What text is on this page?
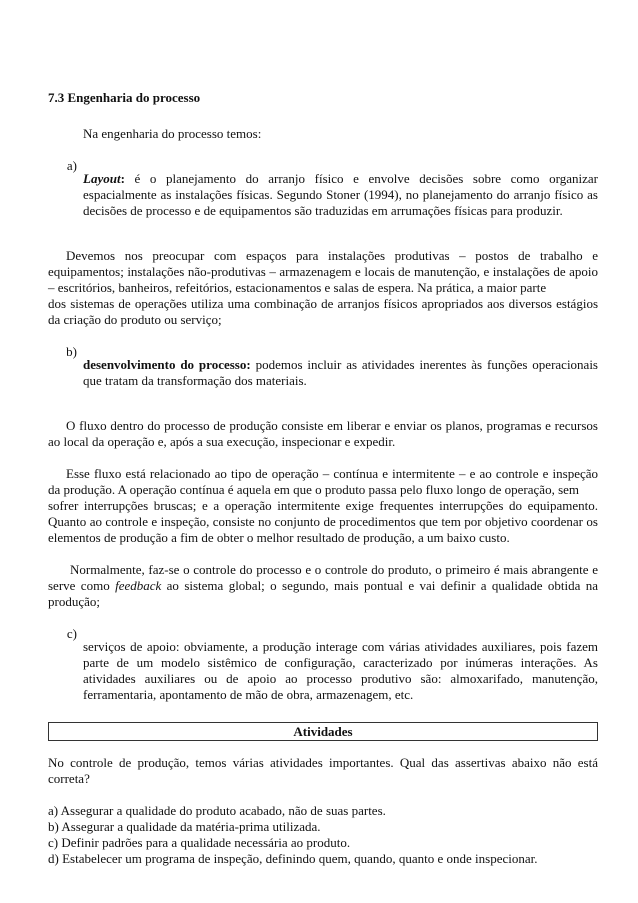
7.3 Engenharia do processo

Na engenharia do processo temos:

a)

Layout: é o planejamento do arranjo físico e envolve decisões sobre como organizar espacialmente as instalações físicas. Segundo Stoner (1994), no planejamento do arranjo físico as decisões de processo e de equipamentos são traduzidas em arrumações físicas para produzir.

Devemos nos preocupar com espaços para instalações produtivas – postos de trabalho e equipamentos; instalações não-produtivas – armazenagem e locais de manutenção, e instalações de apoio – escritórios, banheiros, refeitórios, estacionamentos e salas de espera. Na prática, a maior parte

dos sistemas de operações utiliza uma combinação de arranjos físicos apropriados aos diversos estágios da criação do produto ou serviço;

b)

desenvolvimento do processo: podemos incluir as atividades inerentes às funções operacionais que tratam da transformação dos materiais.

O fluxo dentro do processo de produção consiste em liberar e enviar os planos, programas e recursos ao local da operação e, após a sua execução, inspecionar e expedir.

Esse fluxo está relacionado ao tipo de operação – contínua e intermitente – e ao controle e inspeção da produção. A operação contínua é aquela em que o produto passa pelo fluxo longo de operação, sem

sofrer interrupções bruscas; e a operação intermitente exige frequentes interrupções do equipamento. Quanto ao controle e inspeção, consiste no conjunto de procedimentos que tem por objetivo coordenar os elementos de produção a fim de obter o melhor resultado de produção, a um baixo custo.

Normalmente, faz-se o controle do processo e o controle do produto, o primeiro é mais abrangente e serve como feedback ao sistema global; o segundo, mais pontual e vai definir a qualidade obtida na produção;

c)

serviços de apoio: obviamente, a produção interage com várias atividades auxiliares, pois fazem parte de um modelo sistêmico de configuração, caracterizado por inúmeras interações. As atividades auxiliares ou de apoio ao processo produtivo são: almoxarifado, manutenção, ferramentaria, apontamento de mão de obra, armazenagem, etc.

Atividades

No controle de produção, temos várias atividades importantes. Qual das assertivas abaixo não está correta?

a) Assegurar a qualidade do produto acabado, não de suas partes.

b) Assegurar a qualidade da matéria-prima utilizada.

c) Definir padrões para a qualidade necessária ao produto.

d) Estabelecer um programa de inspeção, definindo quem, quando, quanto e onde inspecionar.
